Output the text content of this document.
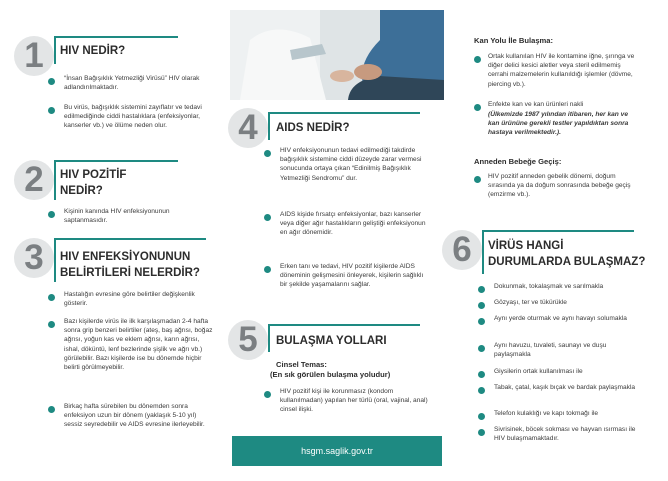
1	HIV NEDİR?
“İnsan Bağışıklık Yetmezliği Virüsü” HIV olarak adlandırılmaktadır.
Bu virüs, bağışıklık sistemini zayıflatır ve tedavi edilmediğinde ciddi hastalıklara (enfeksiyonlar, kanserler vb.) ve ölüme neden olur.
2	HIV POZİTİF
NEDİR?
Kişinin kanında HIV enfeksiyonunun saptanmasıdır.
3	HIV ENFEKSİYONUNUN
BELİRTİLERİ NELERDİR?
Hastalığın evresine göre belirtiler değişkenlik gösterir.
Bazı kişilerde virüs ile ilk karşılaşmadan 2-4 hafta sonra grip benzeri belirtiler (ateş, baş ağrısı, boğaz ağrısı, yoğun kas ve eklem ağrısı, karın ağrısı, ishal, döküntü, lenf bezlerinde şişlik ve ağrı vb.) görülebilir. Bazı kişilerde ise bu dönemde hiçbir belirti görülmeyebilir.
Birkaç hafta sürebilen bu dönemden sonra enfeksiyon uzun bir dönem (yaklaşık 5-10 yıl) sessiz seyredebilir ve AIDS evresine ilerleyebilir.
4	AIDS NEDİR?
HIV enfeksiyonunun tedavi edilmediği takdirde bağışıklık sistemine ciddi düzeyde zarar vermesi sonucunda ortaya çıkan “Edinilmiş Bağışıklık Yetmezliği Sendromu” dur.
AIDS kişide fırsatçı enfeksiyonlar, bazı kanserler veya diğer ağır hastalıkların geliştiği enfeksiyonun en ağır dönemidir.
Erken tanı ve tedavi, HIV pozitif kişilerde AIDS döneminin gelişmesini önleyerek, kişilerin sağlıklı bir şekilde yaşamalarını sağlar.
5	BULAŞMA YOLLARI
Cinsel Temas:
(En sık görülen bulaşma yoludur)
HIV pozitif kişi ile korunmasız (kondom kullanılmadan) yapılan her türlü (oral, vajinal, anal) cinsel ilişki.
hsgm.saglik.gov.tr
Kan Yolu İle Bulaşma:
Ortak kullanılan HIV ile kontamine iğne, şırınga ve diğer delici kesici aletler veya steril edilmemiş cerrahi malzemelerin kullanıldığı işlemler (dövme, piercing vb.).
Enfekte kan ve kan ürünleri nakli
(Ülkemizde 1987 yılından itibaren, her kan ve kan ürününe gerekli testler yapıldıktan sonra hastaya verilmektedir.).
Anneden Bebeğe Geçiş:
HIV pozitif anneden gebelik dönemi, doğum sırasında ya da doğum sonrasında bebeğe geçiş (emzirme vb.).
6	VİRÜS HANGİ
DURUMLARDA BULAŞMAZ?
Dokunmak, tokalaşmak ve sarılmakla
Gözyaşı, ter ve tükürükle
Aynı yerde oturmak ve aynı havayı solumakla
Aynı havuzu, tuvaleti, saunayı ve duşu paylaşmakla
Giysilerin ortak kullanılması ile
Tabak, çatal, kaşık bıçak ve bardak paylaşmakla
Telefon kulaklığı ve kapı tokmağı ile
Sivrisinek, böcek sokması ve hayvan ısırması ile HIV bulaşmamaktadır.
